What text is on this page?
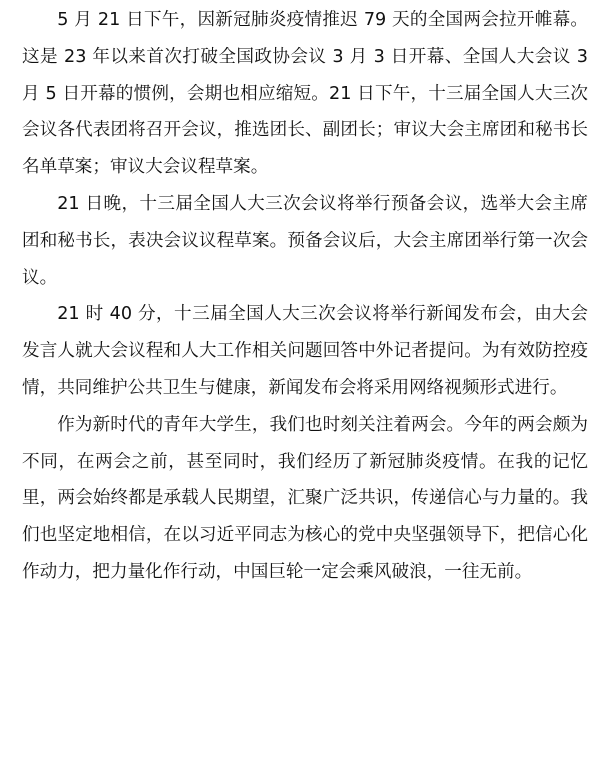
5 月 21 日下午，因新冠肺炎疫情推迟 79 天的全国两会拉开帷幕。这是 23 年以来首次打破全国政协会议 3 月 3 日开幕、全国人大会议 3 月 5 日开幕的惯例，会期也相应缩短。21 日下午，十三届全国人大三次会议各代表团将召开会议，推选团长、副团长；审议大会主席团和秘书长名单草案；审议大会议程草案。

21 日晚，十三届全国人大三次会议将举行预备会议，选举大会主席团和秘书长，表决会议议程草案。预备会议后，大会主席团举行第一次会议。

21 时 40 分，十三届全国人大三次会议将举行新闻发布会，由大会发言人就大会议程和人大工作相关问题回答中外记者提问。为有效防控疫情，共同维护公共卫生与健康，新闻发布会将采用网络视频形式进行。

作为新时代的青年大学生，我们也时刻关注着两会。今年的两会颇为不同，在两会之前，甚至同时，我们经历了新冠肺炎疫情。在我的记忆里，两会始终都是承载人民期望，汇聚广泛共识，传递信心与力量的。我们也坚定地相信，在以习近平同志为核心的党中央坚强领导下，把信心化作动力，把力量化作行动，中国巨轮一定会乘风破浪，一往无前。
